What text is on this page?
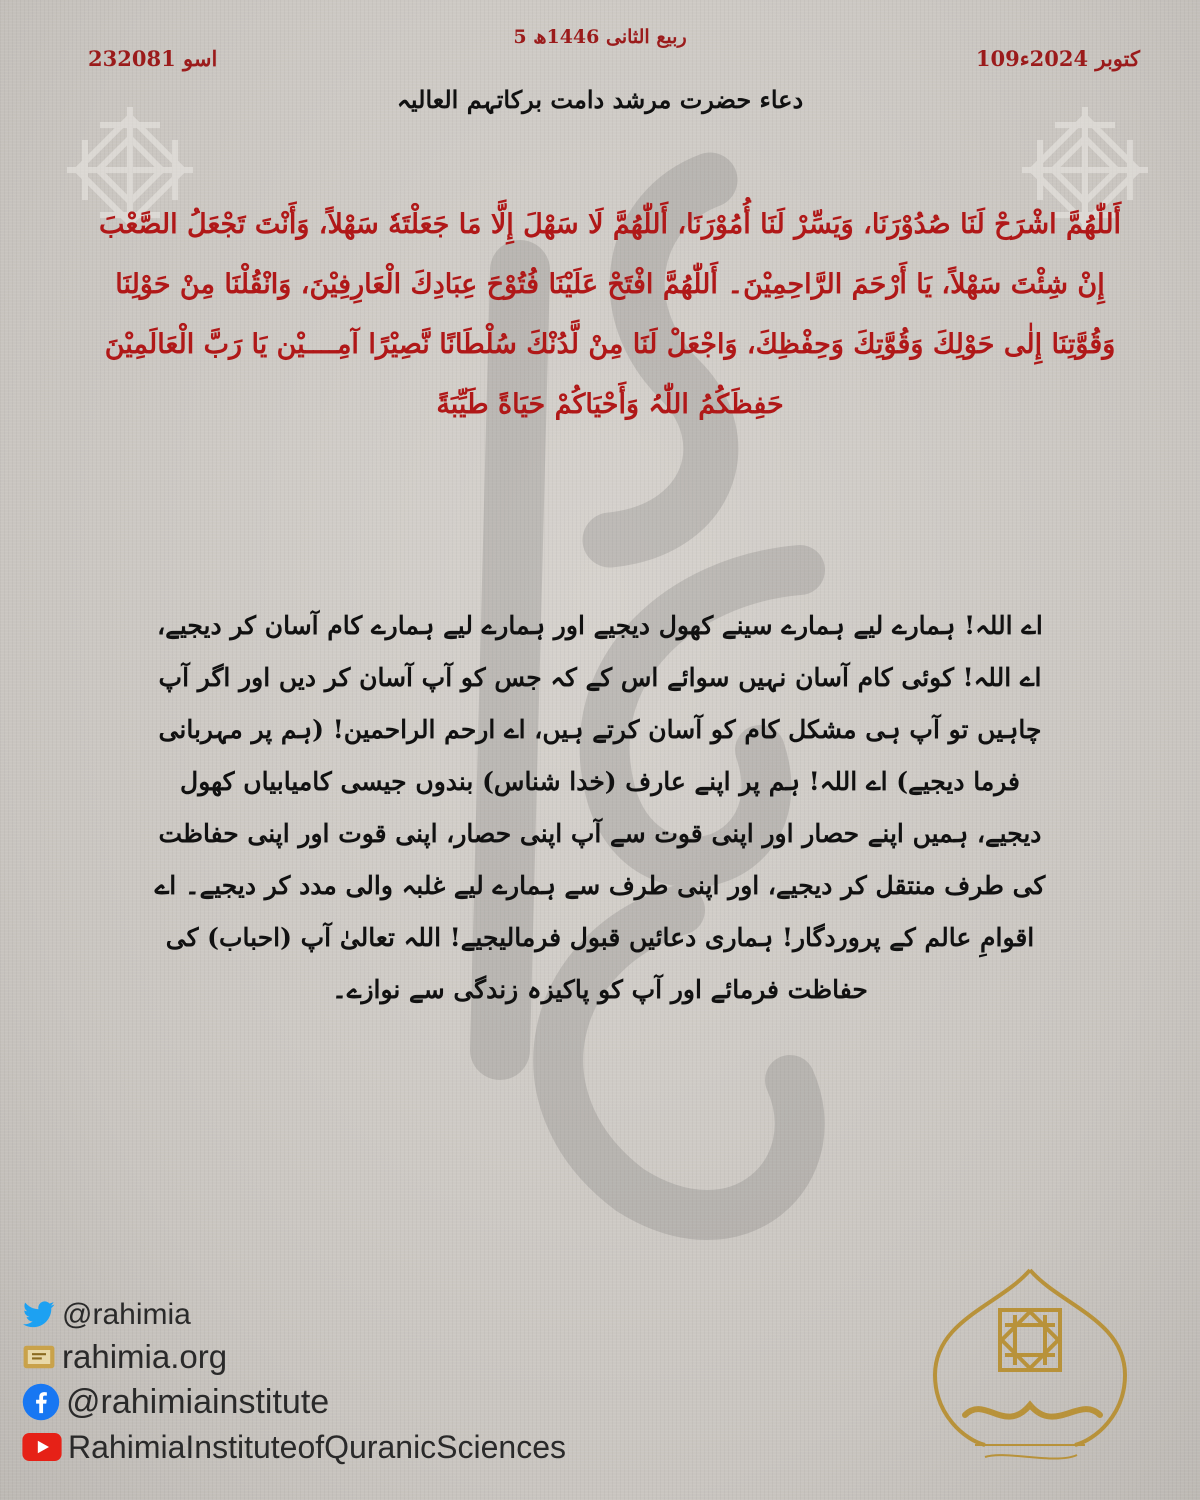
5 ربیع الثانی 1446ھ
23اسو 2081	109کتوبر 2024ء
دعاء حضرت مرشد دامت برکاتہم العالیہ
أَللّٰھُمَّ اشْرَحْ لَنَا صُدُوْرَنَا، وَیَسِّرْ لَنَا أُمُوْرَنَا، أَللّٰھُمَّ لَا سَھْلَ إِلَّا مَا جَعَلْتَهٗ سَھْلاً، وَأَنْتَ تَجْعَلُ الصَّعْبَ إِنْ شِئْتَ سَھْلاً، یَا أَرْحَمَ الرَّاحِمِیْنَ۔ أَللّٰھُمَّ افْتَحْ عَلَیْنَا فُتُوْحَ عِبَادِكَ الْعَارِفِیْنَ، وَانْقُلْنَا مِنْ حَوْلِنَا وَقُوَّتِنَا إِلٰی حَوْلِكَ وَقُوَّتِكَ وَحِفْظِكَ، وَاجْعَلْ لَنَا مِنْ لَّدُنْكَ سُلْطَانًا نَّصِیْرًا آمِــــیْن یَا رَبَّ الْعَالَمِیْنَ حَفِظَکُمُ اللّٰہُ وَأَحْیَاکُمْ حَیَاةً طَیِّبَةً
اے اللہ! ہمارے لیے ہمارے سینے کھول دیجیے اور ہمارے لیے ہمارے کام آسان کر دیجیے، اے اللہ! کوئی کام آسان نہیں سوائے اس کے کہ جس کو آپ آسان کر دیں اور اگر آپ چاہیں تو آپ ہی مشکل کام کو آسان کرتے ہیں، اے ارحم الراحمین! (ہم پر مہربانی فرما دیجیے) اے اللہ! ہم پر اپنے عارف (خدا شناس) بندوں جیسی کامیابیاں کھول دیجیے، ہمیں اپنے حصار اور اپنی قوت سے آپ اپنی حصار، اپنی قوت اور اپنی حفاظت کی طرف منتقل کر دیجیے، اور اپنی طرف سے ہمارے لیے غلبہ والی مدد کر دیجیے۔ اے اقوامِ عالم کے پروردگار! ہماری دعائیں قبول فرمالیجیے! اللہ تعالیٰ آپ (احباب) کی حفاظت فرمائے اور آپ کو پاکیزہ زندگی سے نوازے۔
@rahimia
rahimia.org
@rahimiainstitute
RahimiaInstituteofQuranicSciences
